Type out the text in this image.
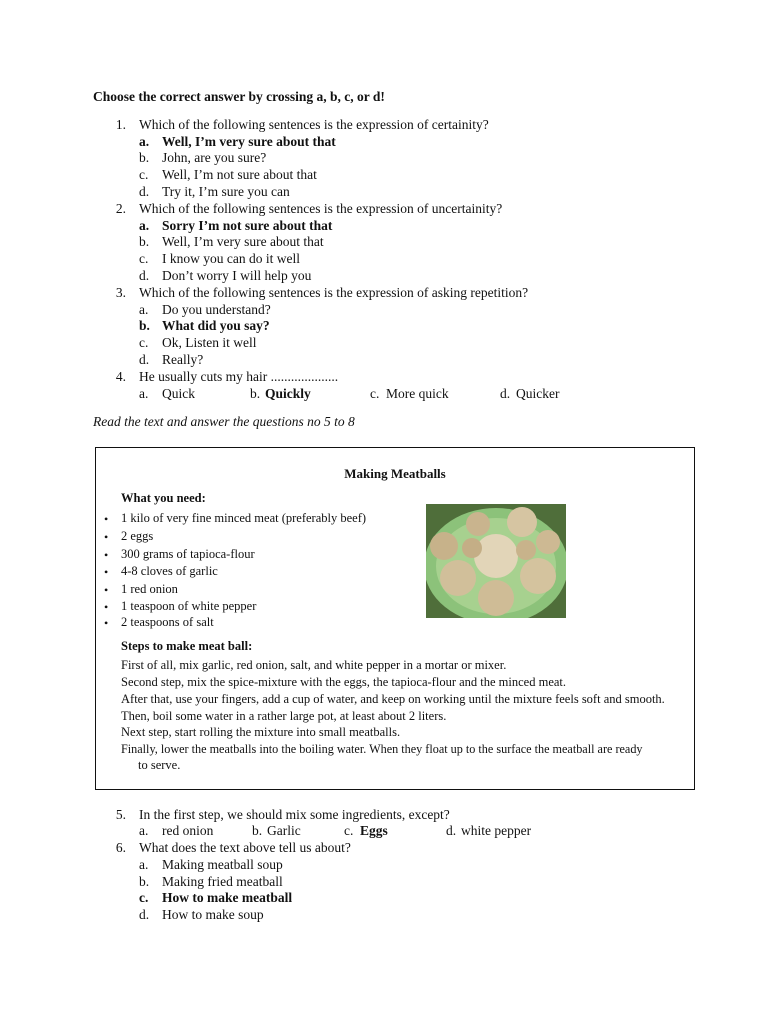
Choose the correct answer by crossing a, b, c, or d!
1. Which of the following sentences is the expression of certainity?
a. Well, I’m very sure about that
b. John, are you sure?
c.	Well, I’m not sure about that
d. Try it, I’m sure you can
2. Which of the following sentences is the expression of uncertainity?
a. Sorry I’m not sure about that
b. Well, I’m very sure about that
c.	I know you can do it well
d. Don’t worry I will help you
3. Which of the following sentences is the expression of asking repetition?
a.	Do you understand?
b. What did you say?
c.	Ok, Listen it well
d. Really?
4. He usually cuts my hair ....................
a.	Quick	b. Quickly	c. More quick	d. Quicker
Read the text and answer the questions no 5 to 8
Making Meatballs
What you need:
• 1 kilo of very fine minced meat (preferably beef)
• 2 eggs
• 300 grams of tapioca-flour
• 4-8 cloves of garlic
• 1 red onion
• 1 teaspoon of white pepper
• 2 teaspoons of salt
Steps to make meat ball:
First of all, mix garlic, red onion, salt, and white pepper in a mortar or mixer.
Second step, mix the spice-mixture with the eggs, the tapioca-flour and the minced meat.
After that, use your fingers, add a cup of water, and keep on working until the mixture feels soft and smooth.
Then, boil some water in a rather large pot, at least about 2 liters.
Next step, start rolling the mixture into small meatballs.
Finally, lower the meatballs into the boiling water. When they float up to the surface the meatball are ready
to serve.
5. In the first step, we should mix some ingredients, except?
a.	red onion	b. Garlic	c. Eggs	d. white pepper
6. What does the text above tell us about?
a.	Making meatball soup
b. Making fried meatball
c.	How to make meatball
d. How to make soup
